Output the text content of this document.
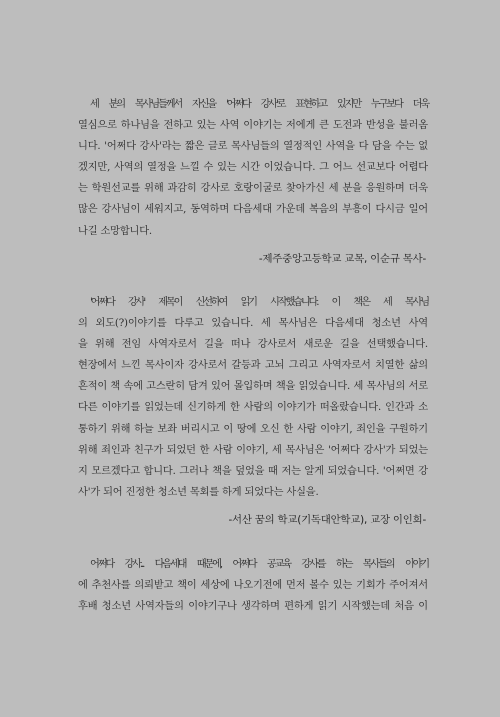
세 분의 목사님들께서 자신을 '어쩌다 강사'로 표현하고 있지만 누구보다 더욱
열심으로 하나님을 전하고 있는 사역 이야기는 저에게 큰 도전과 반성을 불러옴
니다. '어쩌다 강사'라는 짧은 글로 목사님들의 열정적인 사역을 다 담을 수는 없
겠지만, 사역의 열정을 느낄 수 있는 시간 이었습니다. 그 어느 선교보다 어렵다
는 학원선교를 위해 과감히 강사로 호랑이굴로 찾아가신 세 분을 응원하며 더욱
많은 강사님이 세워지고, 동역하며 다음세대 가운데 복음의 부흥이 다시금 일어
나길 소망합니다.

-제주중앙고등학교 교목, 이순규 목사-

'어쩌다 강사' 제목이 신선하여 읽기 시작했습니다. 이 책은 세 목사님
의 외도(?)이야기를 다루고 있습니다. 세 목사님은 다음세대 청소년 사역
을 위해 전임 사역자로서 길을 떠나 강사로서 새로운 길을 선택했습니다.
현장에서 느낀 목사이자 강사로서 갈등과 고뇌 그리고 사역자로서 치열한 삶의
흔적이 책 속에 고스란히 담겨 있어 몰입하며 책을 읽었습니다. 세 목사님의 서로
다른 이야기를 읽었는데 신기하게 한 사람의 이야기가 떠올랐습니다. 인간과 소
통하기 위해 하늘 보좌 버리시고 이 땅에 오신 한 사람 이야기, 죄인을 구원하기
위해 죄인과 친구가 되었던 한 사람 이야기, 세 목사님은 '어쩌다 강사'가 되었는
지 모르겠다고 합니다. 그러나 책을 덮었을 때 저는 알게 되었습니다. '어쩌면 강
사'가 되어 진정한 청소년 목회를 하게 되었다는 사실을.

-서산 꿈의 학교(기독대안학교), 교장 이인희-

어쩌다 강사... 다음세대 때문에, 어쩌다 공교육 강사를 하는 목사들의 이야기
에 추천사를 의뢰받고 책이 세상에 나오기전에 먼저 볼수 있는 기회가 주어져서
후배 청소년 사역자들의 이야기구나 생각하며 편하게 읽기 시작했는데 처음 이
